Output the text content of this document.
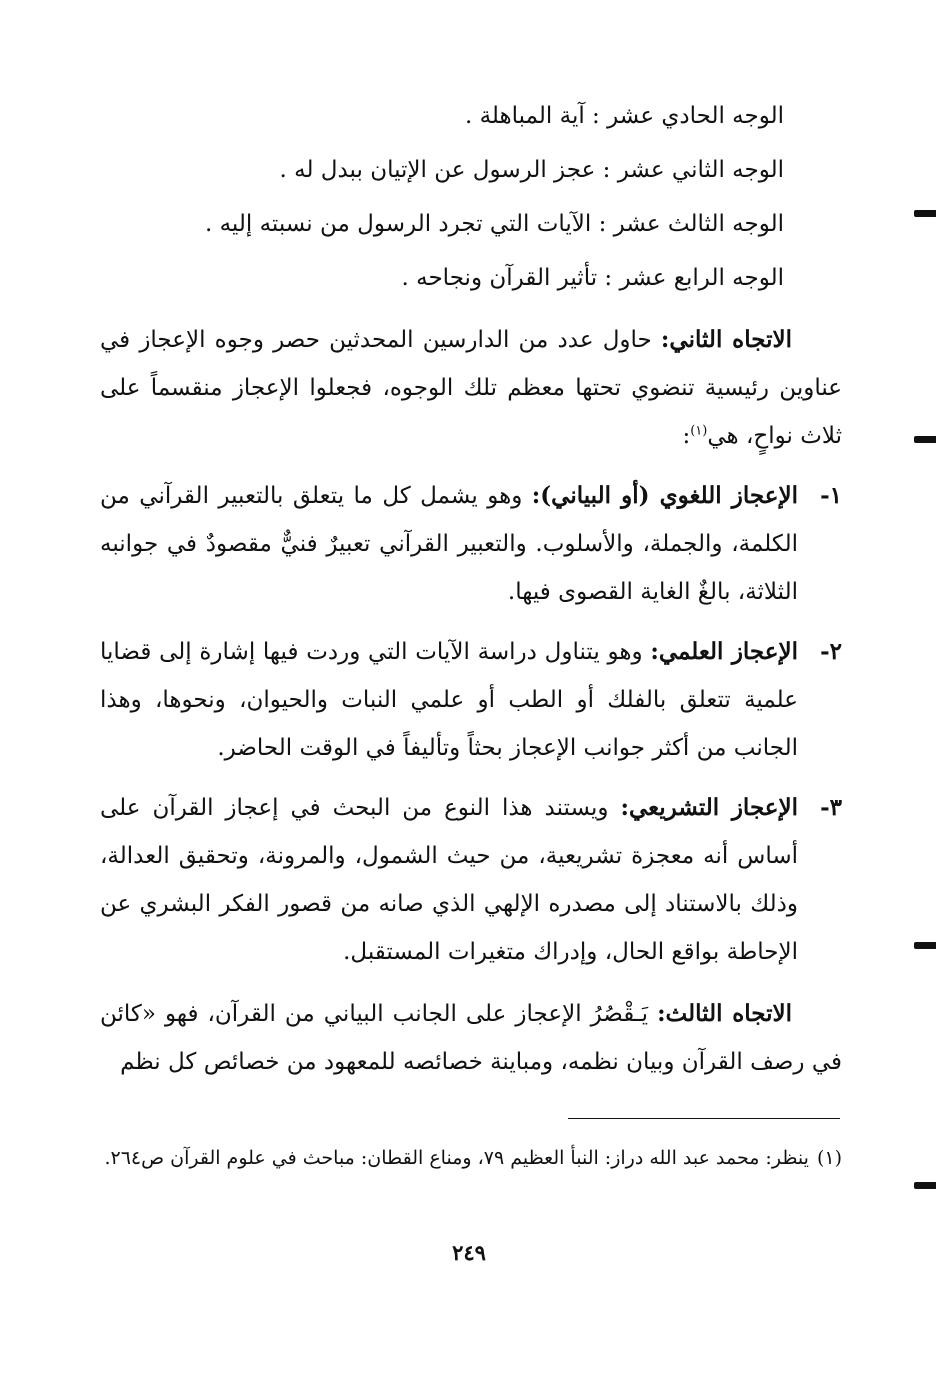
الوجه الحادي عشر : آية المباهلة .

الوجه الثاني عشر : عجز الرسول عن الإتيان ببدل له .

الوجه الثالث عشر : الآيات التي تجرد الرسول من نسبته إليه .

الوجه الرابع عشر : تأثير القرآن ونجاحه .

الاتجاه الثاني: حاول عدد من الدارسين المحدثين حصر وجوه الإعجاز في عناوين رئيسية تنضوي تحتها معظم تلك الوجوه، فجعلوا الإعجاز منقسماً على ثلاث نواحٍ، هي$^{(١)}$:

١-
الإعجاز اللغوي (أو البياني): وهو يشمل كل ما يتعلق بالتعبير القرآني من الكلمة، والجملة، والأسلوب. والتعبير القرآني تعبيرٌ فنيٌّ مقصودٌ في جوانبه الثلاثة، بالغٌ الغاية القصوى فيها.

٢-
الإعجاز العلمي: وهو يتناول دراسة الآيات التي وردت فيها إشارة إلى قضايا علمية تتعلق بالفلك أو الطب أو علمي النبات والحيوان، ونحوها، وهذا الجانب من أكثر جوانب الإعجاز بحثاً وتأليفاً في الوقت الحاضر.

٣-
الإعجاز التشريعي: ويستند هذا النوع من البحث في إعجاز القرآن على أساس أنه معجزة تشريعية، من حيث الشمول، والمرونة، وتحقيق العدالة، وذلك بالاستناد إلى مصدره الإلهي الذي صانه من قصور الفكر البشري عن الإحاطة بواقع الحال، وإدراك متغيرات المستقبل.

الاتجاه الثالث: يَـقْصُرُ الإعجاز على الجانب البياني من القرآن، فهو «كائن في رصف القرآن وبيان نظمه، ومباينة خصائصه للمعهود من خصائص كل نظم

(١)ينظر: محمد عبد الله دراز: النبأ العظيم ٧٩، ومناع القطان: مباحث في علوم القرآن ص٢٦٤.
٢٤٩
